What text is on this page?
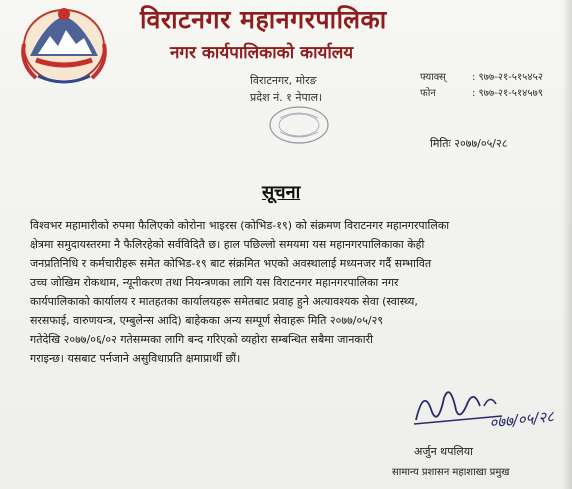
विराटनगर महानगरपालिका
नगर कार्यपालिकाको कार्यालय
विराटनगर, मोरङ
प्रदेश नं. १ नेपाल।
फ्याक्स्	: ९७७-२१-५१५४५२
फोन	: ९७७-२१-५१४५७९
मितिः २०७७/०५/२८
सूचना
विश्वभर महामारीको रुपमा फैलिएको कोरोना भाइरस (कोभिड-१९) को संक्रमण विराटनगर महानगरपालिका
क्षेत्रमा समुदायस्तरमा नै फैलिरहेको सर्वविदितै छ। हाल पछिल्लो समयमा यस महानगरपालिकाका केही
जनप्रतिनिधि र कर्मचारीहरू समेत कोभिड-१९ बाट संक्रमित भएको अवस्थालाई मध्यनजर गर्दै सम्भावित
उच्च जोखिम रोकथाम, न्यूनीकरण तथा नियन्त्रणका लागि यस विराटनगर महानगरपालिका नगर
कार्यपालिकाको कार्यालय र मातहतका कार्यालयहरू समेतबाट प्रवाह हुने अत्यावश्यक सेवा (स्वास्थ्य,
सरसफाई, वारुणयन्त्र, एम्बुलेन्स आदि) बाहेकका अन्य सम्पूर्ण सेवाहरू मिति २०७७/०५/२९
गतेदेखि २०७७/०६/०२ गतेसम्मका लागि बन्द गरिएको व्यहोरा सम्बन्धित सबैमा जानकारी
गराइन्छ। यसबाट पर्नजाने असुविधाप्रति क्षमाप्रार्थी छौं।
०७७/०५/२८
अर्जुन थपलिया
सामान्य प्रशासन महाशाखा प्रमुख
